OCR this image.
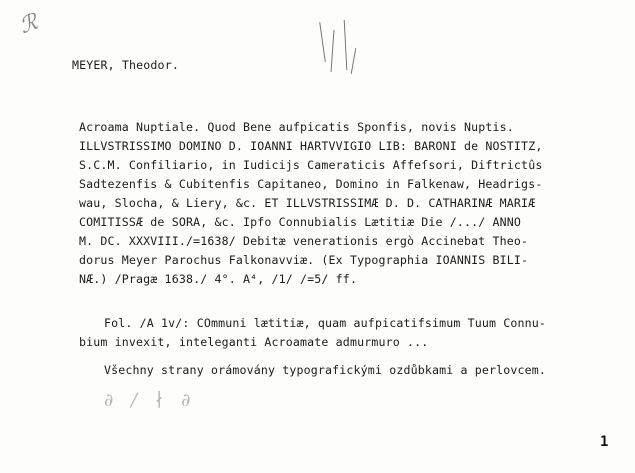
ℛ
MEYER, Theodor.
Acroama Nuptiale. Quod Bene aufpicatis Sponfis, novis Nuptis.
ILLVSTRISSIMO DOMINO D. IOANNI HARTVVIGIO LIB: BARONI de NOSTITZ,
S.C.M. Confiliario, in Iudicijs Cameraticis Affeſsori, Diftrictûs
Sadtezenfis & Cubitenfis Capitaneo, Domino in Falkenaw, Headrigs-
wau, Slocha, & Liery, &c. ET ILLVSTRISSIMÆ D. D. CATHARINÆ MARIÆ
COMITISSÆ de SORA, &c. Ipfo Connubialis Lætitiæ Die /.../ ANNO
M. DC. XXXVIII./=1638/ Debitæ venerationis ergò Accinebat Theo-
dorus Meyer Parochus Falkonavviæ. (Ex Typographia IOANNIS BILI-
NÆ.) /Pragæ 1638./ 4°. A⁴, /1/ /=5/ ff.
Fol. /A 1v/: COmmuni lætitiæ, quam aufpicatifsimum Tuum Connu-
bium invexit, inteleganti Acroamate admurmuro ...
Všechny strany orámovány typografickými ozdůbkami a perlovcem.
∂ ∕ ∤ ∂
1
